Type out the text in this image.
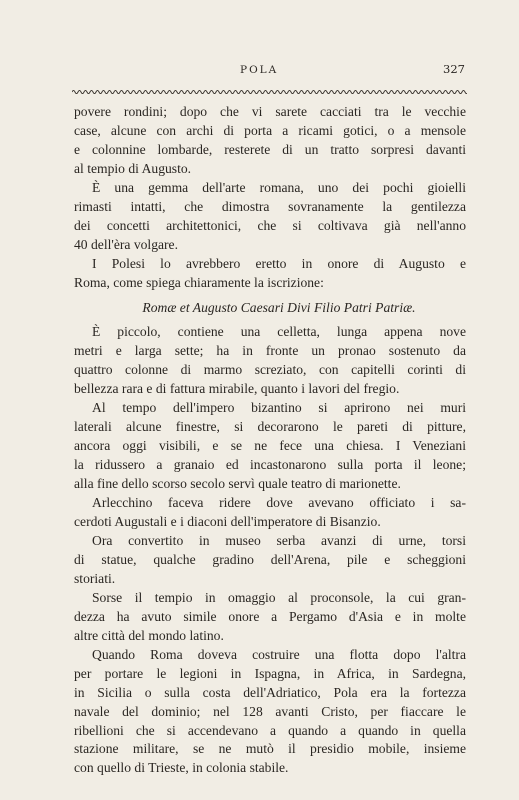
POLA	327
povere rondini; dopo che vi sarete cacciati tra le vecchie
case, alcune con archi di porta a ricami gotici, o a mensole
e colonnine lombarde, resterete di un tratto sorpresi davanti
al tempio di Augusto.
È una gemma dell'arte romana, uno dei pochi gioielli
rimasti intatti, che dimostra sovranamente la gentilezza
dei concetti architettonici, che si coltivava già nell'anno
40 dell'èra volgare.
I Polesi lo avrebbero eretto in onore di Augusto e
Roma, come spiega chiaramente la iscrizione:
Romæ et Augusto Caesari Divi Filio Patri Patriæ.
È piccolo, contiene una celletta, lunga appena nove
metri e larga sette; ha in fronte un pronao sostenuto da
quattro colonne di marmo screziato, con capitelli corinti di
bellezza rara e di fattura mirabile, quanto i lavori del fregio.
Al tempo dell'impero bizantino si aprirono nei muri
laterali alcune finestre, si decorarono le pareti di pitture,
ancora oggi visibili, e se ne fece una chiesa. I Veneziani
la ridussero a granaio ed incastonarono sulla porta il leone;
alla fine dello scorso secolo servì quale teatro di marionette.
Arlecchino faceva ridere dove avevano officiato i sa-
cerdoti Augustali e i diaconi dell'imperatore di Bisanzio.
Ora convertito in museo serba avanzi di urne, torsi
di statue, qualche gradino dell'Arena, pile e scheggioni
storiati.
Sorse il tempio in omaggio al proconsole, la cui gran-
dezza ha avuto simile onore a Pergamo d'Asia e in molte
altre città del mondo latino.
Quando Roma doveva costruire una flotta dopo l'altra
per portare le legioni in Ispagna, in Africa, in Sardegna,
in Sicilia o sulla costa dell'Adriatico, Pola era la fortezza
navale del dominio; nel 128 avanti Cristo, per fiaccare le
ribellioni che si accendevano a quando a quando in quella
stazione militare, se ne mutò il presidio mobile, insieme
con quello di Trieste, in colonia stabile.
